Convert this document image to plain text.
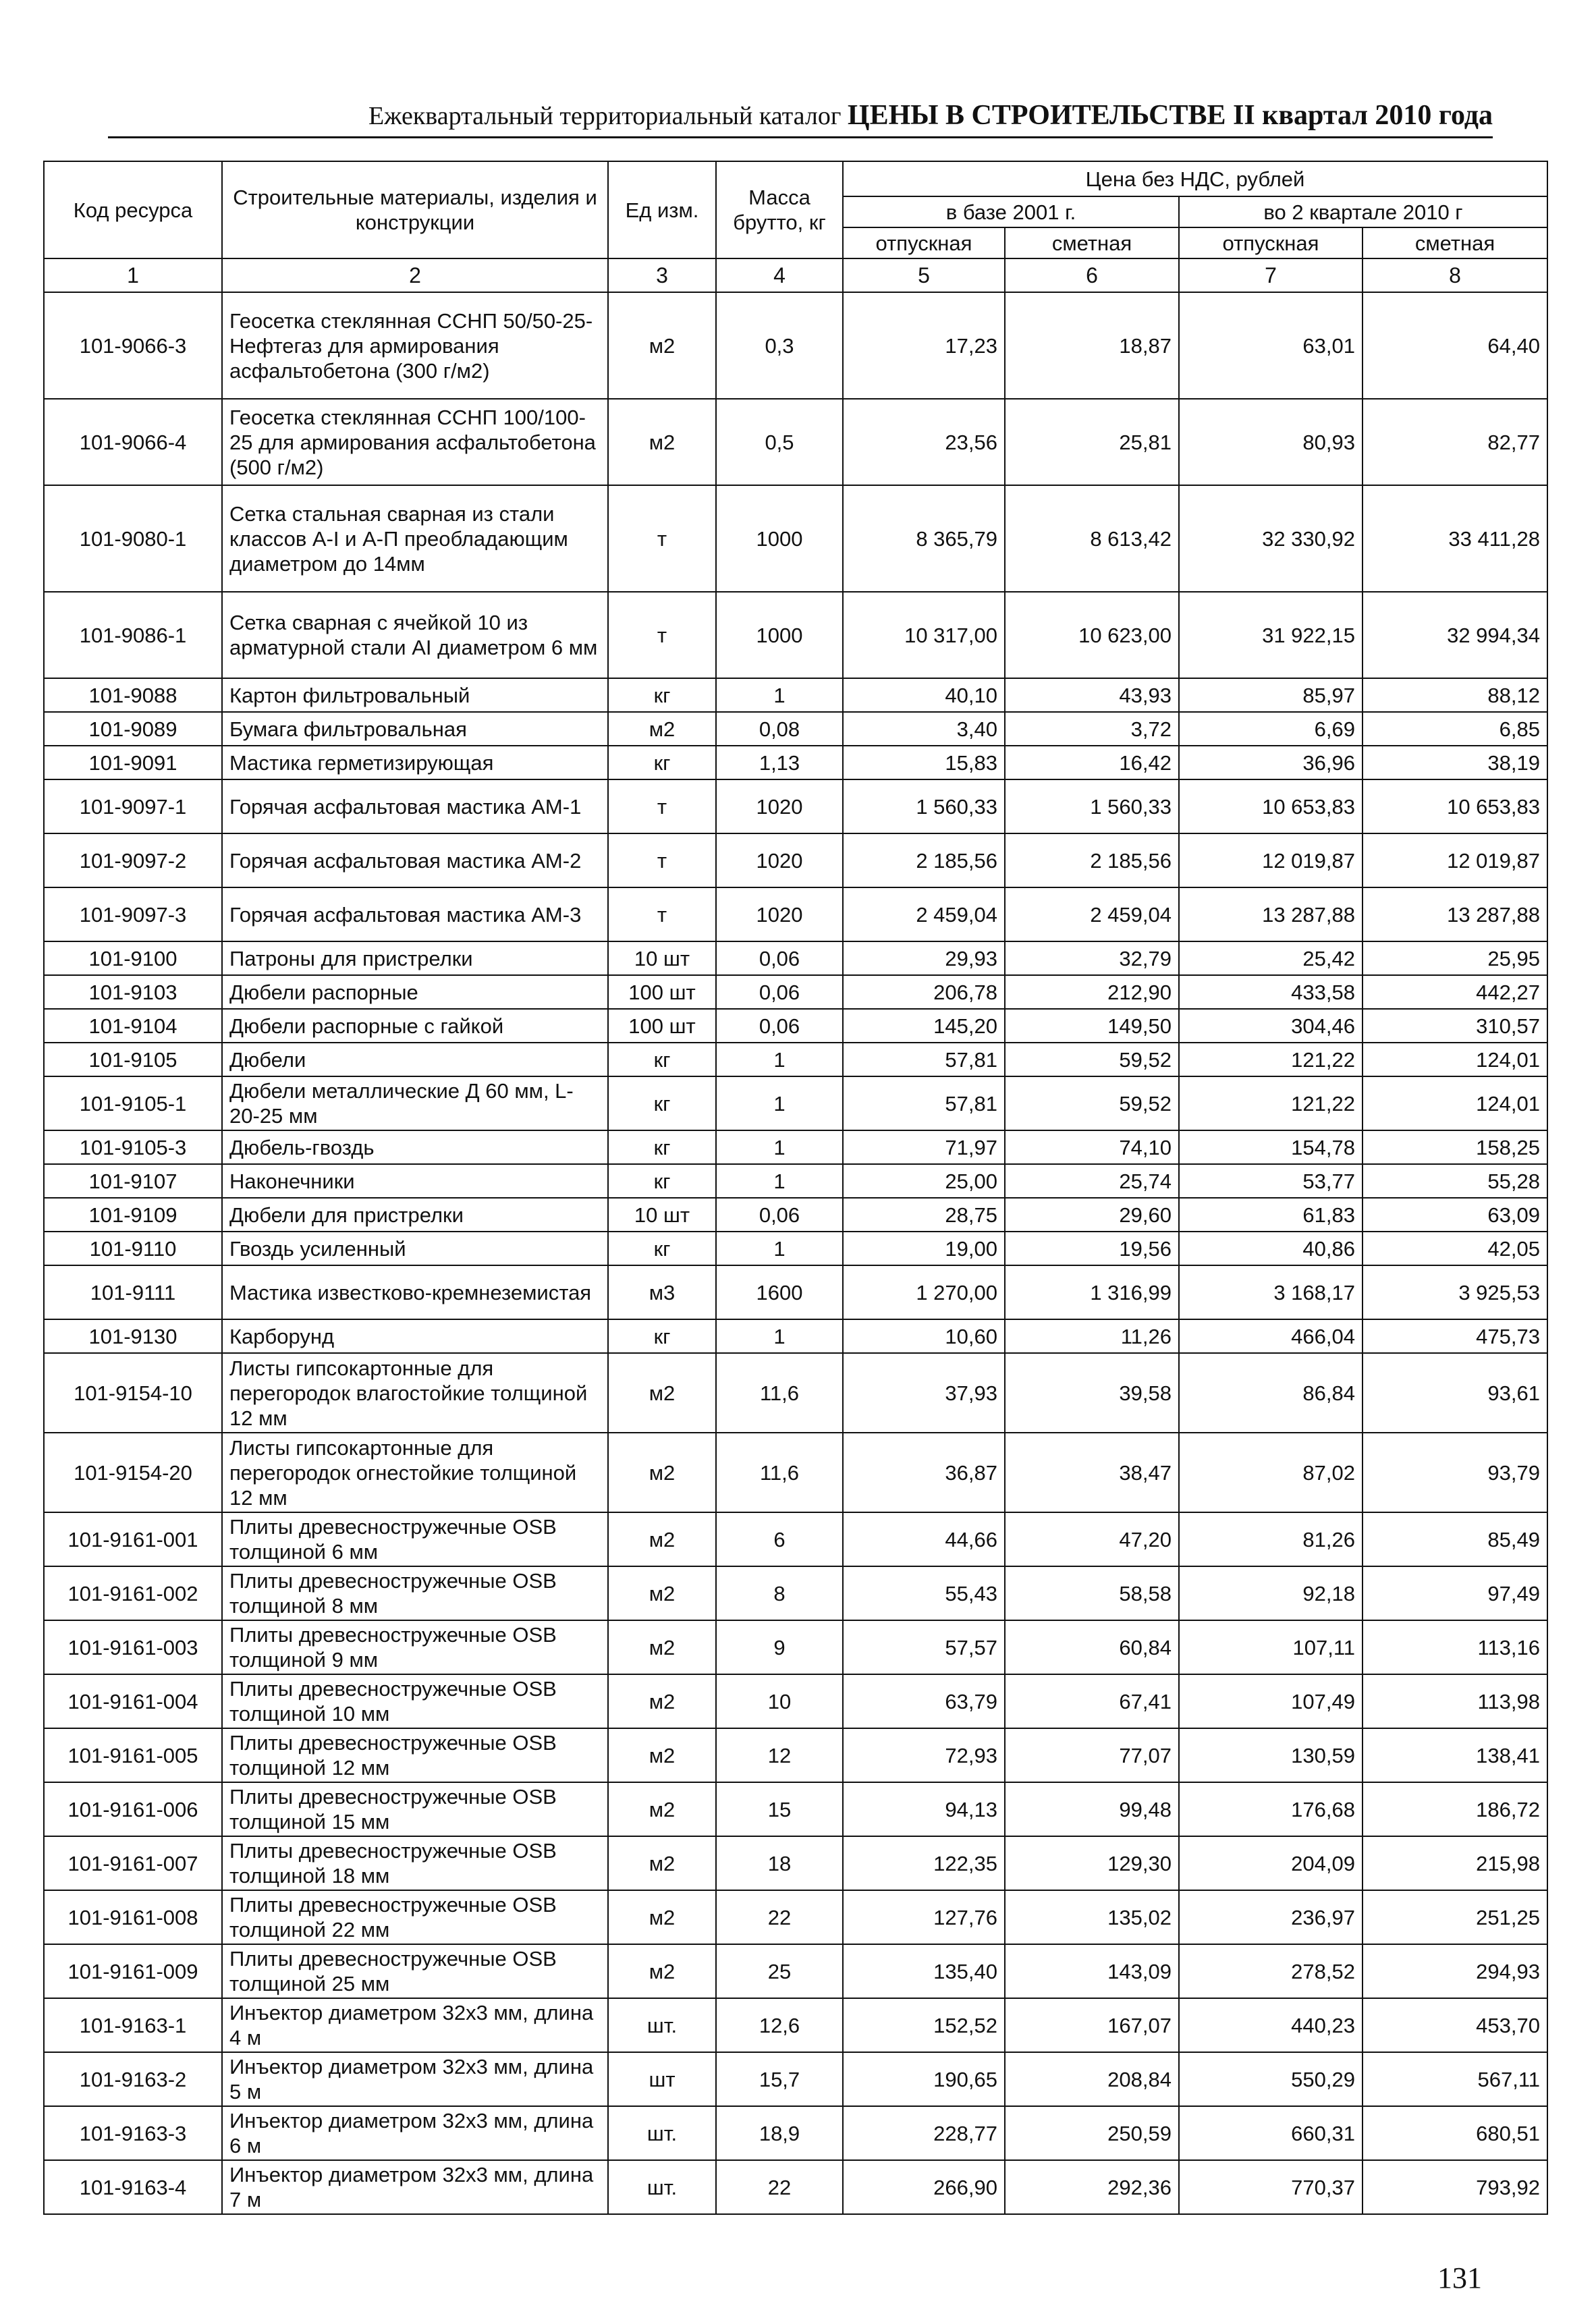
Ежеквартальный территориальный каталог ЦЕНЫ В СТРОИТЕЛЬСТВЕ II квартал 2010 года
Код ресурса	Строительные материалы, изделия и конструкции	Ед изм.	Масса брутто, кг	Цена без НДС, рублей			
				в базе 2001 г.		во 2 квартале 2010 г	
				отпускная	сметная	отпускная	сметная
1	2	3	4	5	6	7	8
101-9066-3	Геосетка стеклянная ССНП 50/50-25-Нефтегаз для армирования асфальтобетона (300 г/м2)	м2	0,3	17,23	18,87	63,01	64,40
101-9066-4	Геосетка стеклянная ССНП 100/100-25 для армирования асфальтобетона (500 г/м2)	м2	0,5	23,56	25,81	80,93	82,77
101-9080-1	Сетка стальная сварная из стали классов А-I и А-П преобладающим диаметром до 14мм	т	1000	8 365,79	8 613,42	32 330,92	33 411,28
101-9086-1	Сетка сварная с ячейкой 10 из арматурной стали AI диаметром 6 мм	т	1000	10 317,00	10 623,00	31 922,15	32 994,34
101-9088	Картон фильтровальный	кг	1	40,10	43,93	85,97	88,12
101-9089	Бумага фильтровальная	м2	0,08	3,40	3,72	6,69	6,85
101-9091	Мастика герметизирующая	кг	1,13	15,83	16,42	36,96	38,19
101-9097-1	Горячая асфальтовая мастика АМ-1	т	1020	1 560,33	1 560,33	10 653,83	10 653,83
101-9097-2	Горячая асфальтовая мастика АМ-2	т	1020	2 185,56	2 185,56	12 019,87	12 019,87
101-9097-3	Горячая асфальтовая мастика АМ-3	т	1020	2 459,04	2 459,04	13 287,88	13 287,88
101-9100	Патроны для пристрелки	10 шт	0,06	29,93	32,79	25,42	25,95
101-9103	Дюбели распорные	100 шт	0,06	206,78	212,90	433,58	442,27
101-9104	Дюбели распорные с гайкой	100 шт	0,06	145,20	149,50	304,46	310,57
101-9105	Дюбели	кг	1	57,81	59,52	121,22	124,01
101-9105-1	Дюбели металлические Д 60 мм, L-20-25 мм	кг	1	57,81	59,52	121,22	124,01
101-9105-3	Дюбель-гвоздь	кг	1	71,97	74,10	154,78	158,25
101-9107	Наконечники	кг	1	25,00	25,74	53,77	55,28
101-9109	Дюбели для пристрелки	10 шт	0,06	28,75	29,60	61,83	63,09
101-9110	Гвоздь усиленный	кг	1	19,00	19,56	40,86	42,05
101-9111	Мастика известково-кремнеземистая	м3	1600	1 270,00	1 316,99	3 168,17	3 925,53
101-9130	Карборунд	кг	1	10,60	11,26	466,04	475,73
101-9154-10	Листы гипсокартонные для перегородок влагостойкие толщиной 12 мм	м2	11,6	37,93	39,58	86,84	93,61
101-9154-20	Листы гипсокартонные для перегородок огнестойкие толщиной 12 мм	м2	11,6	36,87	38,47	87,02	93,79
101-9161-001	Плиты древесностружечные OSB толщиной 6 мм	м2	6	44,66	47,20	81,26	85,49
101-9161-002	Плиты древесностружечные OSB толщиной 8 мм	м2	8	55,43	58,58	92,18	97,49
101-9161-003	Плиты древесностружечные OSB толщиной 9 мм	м2	9	57,57	60,84	107,11	113,16
101-9161-004	Плиты древесностружечные OSB толщиной 10 мм	м2	10	63,79	67,41	107,49	113,98
101-9161-005	Плиты древесностружечные OSB толщиной 12 мм	м2	12	72,93	77,07	130,59	138,41
101-9161-006	Плиты древесностружечные OSB толщиной 15 мм	м2	15	94,13	99,48	176,68	186,72
101-9161-007	Плиты древесностружечные OSB толщиной 18 мм	м2	18	122,35	129,30	204,09	215,98
101-9161-008	Плиты древесностружечные OSB толщиной 22 мм	м2	22	127,76	135,02	236,97	251,25
101-9161-009	Плиты древесностружечные OSB толщиной 25 мм	м2	25	135,40	143,09	278,52	294,93
101-9163-1	Инъектор диаметром 32х3 мм, длина 4 м	шт.	12,6	152,52	167,07	440,23	453,70
101-9163-2	Инъектор диаметром 32х3 мм, длина 5 м	шт	15,7	190,65	208,84	550,29	567,11
101-9163-3	Инъектор диаметром 32х3 мм, длина 6 м	шт.	18,9	228,77	250,59	660,31	680,51
101-9163-4	Инъектор диаметром 32х3 мм, длина 7 м	шт.	22	266,90	292,36	770,37	793,92
131
